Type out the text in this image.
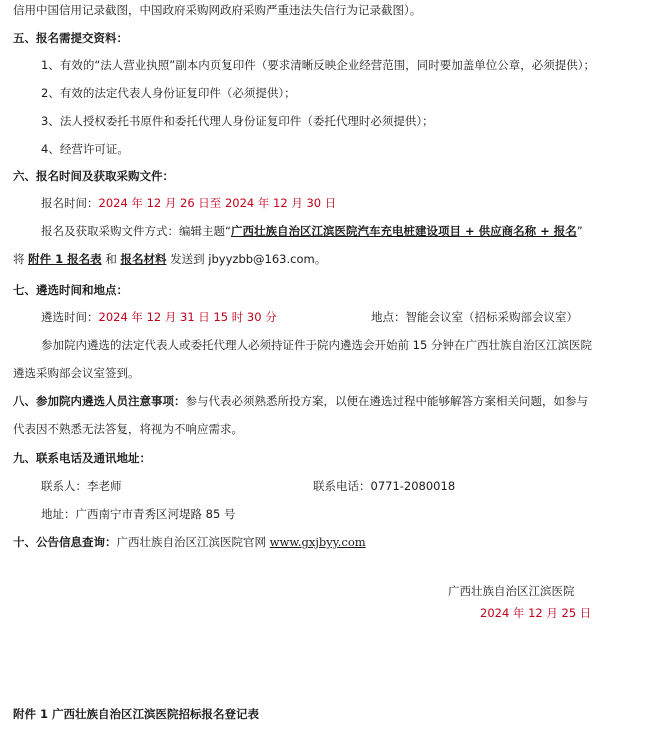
信用中国信用记录截图，中国政府采购网政府采购严重违法失信行为记录截图）。
五、报名需提交资料：
1、有效的“法人营业执照”副本内页复印件（要求清晰反映企业经营范围，同时要加盖单位公章，必须提供）；
2、有效的法定代表人身份证复印件（必须提供）；
3、法人授权委托书原件和委托代理人身份证复印件（委托代理时必须提供）；
4、经营许可证。
六、报名时间及获取采购文件：
报名时间：2024 年 12 月 26 日至 2024 年 12 月 30 日
报名及获取采购文件方式：编辑主题“广西壮族自治区江滨医院汽车充电桩建设项目 + 供应商名称 + 报名”
将 附件 1 报名表 和 报名材料 发送到 jbyyzbb@163.com。
七、遴选时间和地点：
遴选时间：2024 年 12 月 31 日 15 时 30 分	地点：智能会议室（招标采购部会议室）
参加院内遴选的法定代表人或委托代理人必须持证件于院内遴选会开始前 15 分钟在广西壮族自治区江滨医院
遴选采购部会议室签到。
八、参加院内遴选人员注意事项：参与代表必须熟悉所投方案，以便在遴选过程中能够解答方案相关问题，如参与
代表因不熟悉无法答复，将视为不响应需求。
九、联系电话及通讯地址：
联系人：李老师	联系电话：0771-2080018
地址：广西南宁市青秀区河堤路 85 号
十、公告信息查询：广西壮族自治区江滨医院官网 www.gxjbyy.com
广西壮族自治区江滨医院
2024 年 12 月 25 日
附件 1 广西壮族自治区江滨医院招标报名登记表
